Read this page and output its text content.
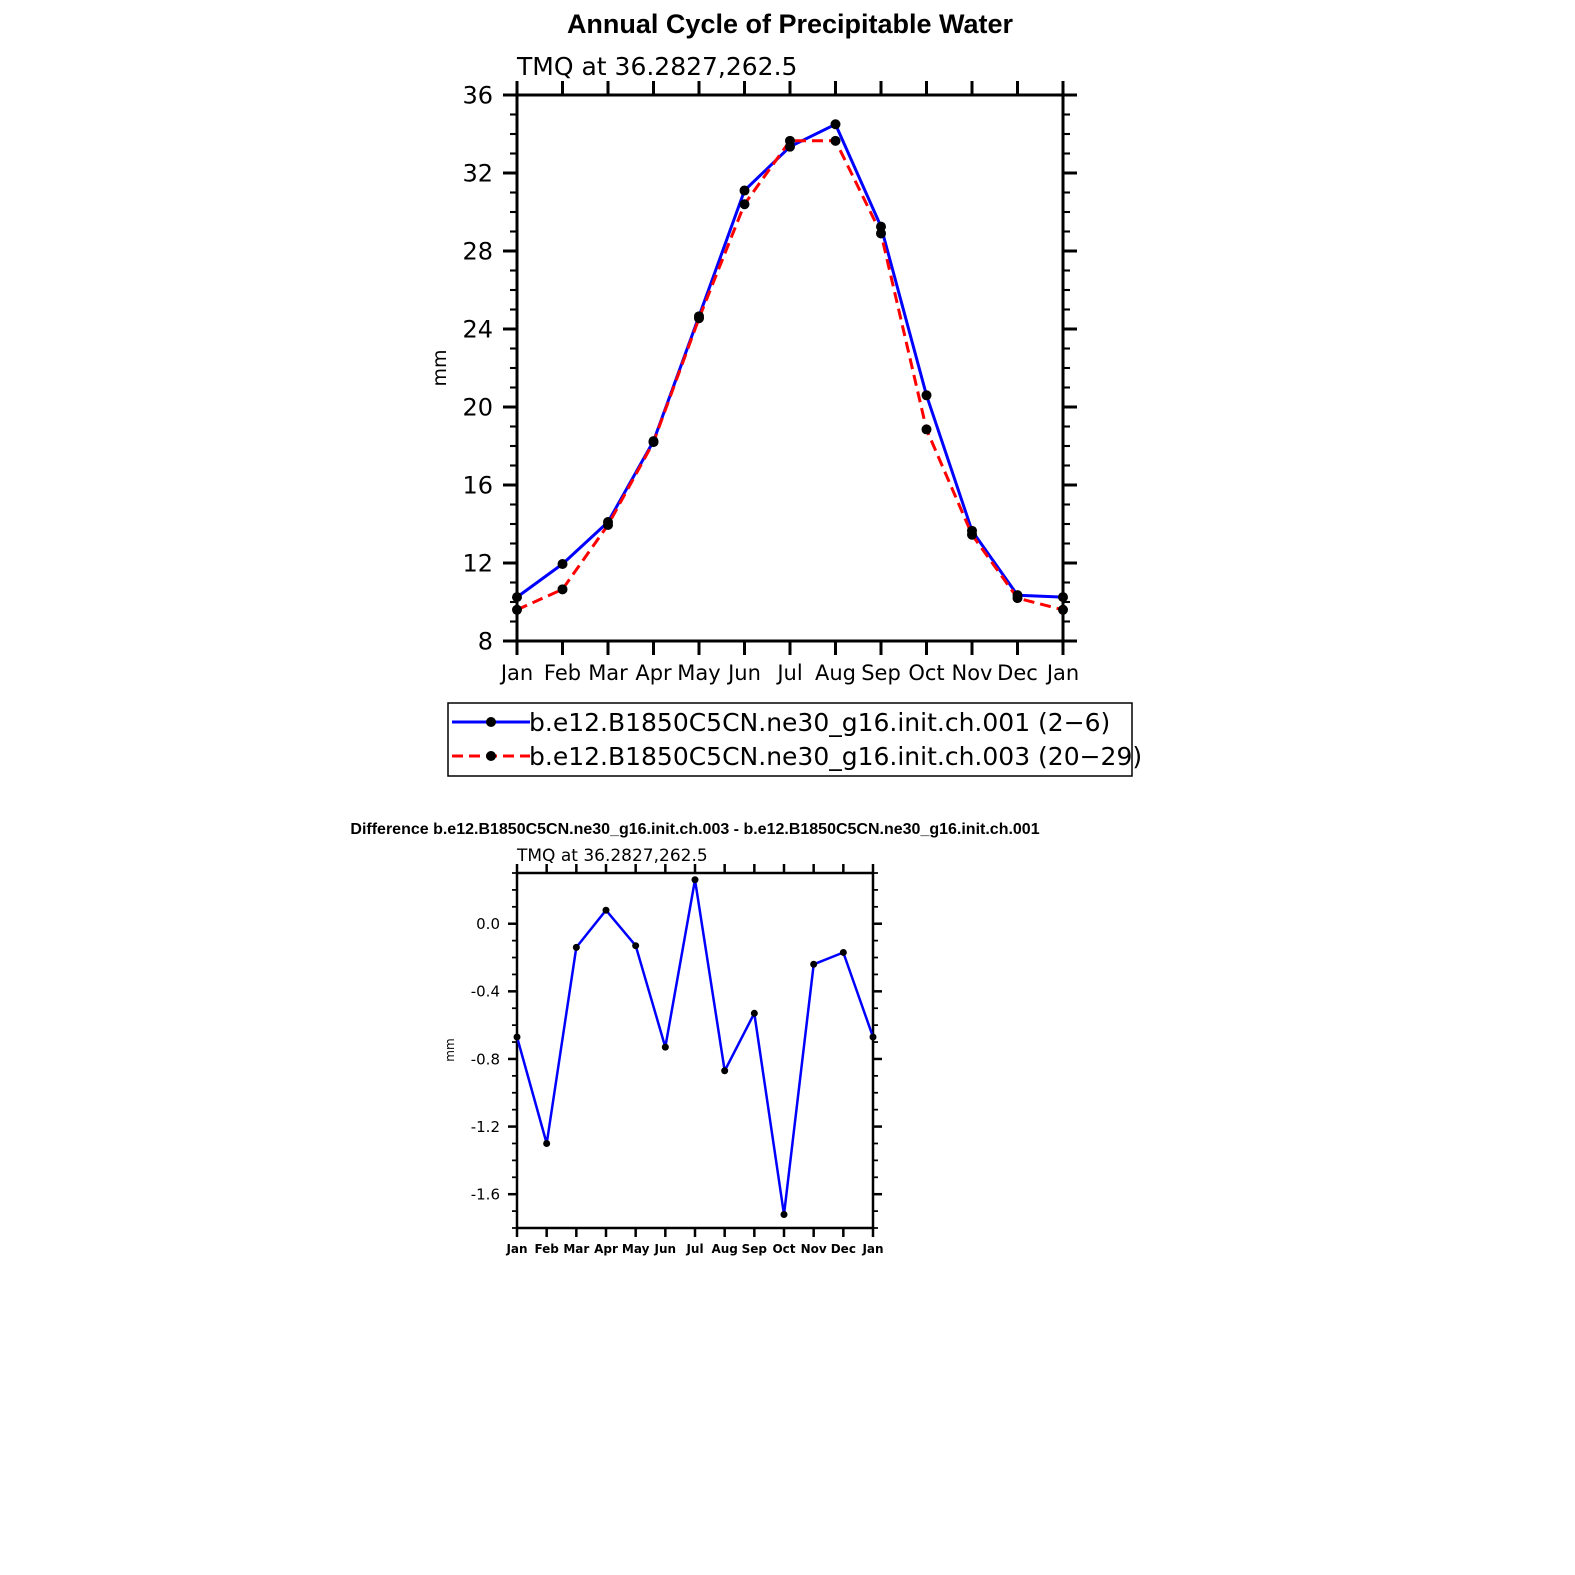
Annual Cycle of Precipitable Water
TMQ at 36.2827,262.5
mm
8
12
16
20
24
28
32
36
Jan Feb Mar Apr May Jun Jul Aug Sep Oct Nov Dec Jan
b.e12.B1850C5CN.ne30_g16.init.ch.001 (2−6)
b.e12.B1850C5CN.ne30_g16.init.ch.003 (20−29)
Difference b.e12.B1850C5CN.ne30_g16.init.ch.003 - b.e12.B1850C5CN.ne30_g16.init.ch.001
TMQ at 36.2827,262.5
mm
-1.6
-1.2
-0.8
-0.4
0.0
Jan Feb Mar Apr May Jun Jul Aug Sep Oct Nov Dec Jan
